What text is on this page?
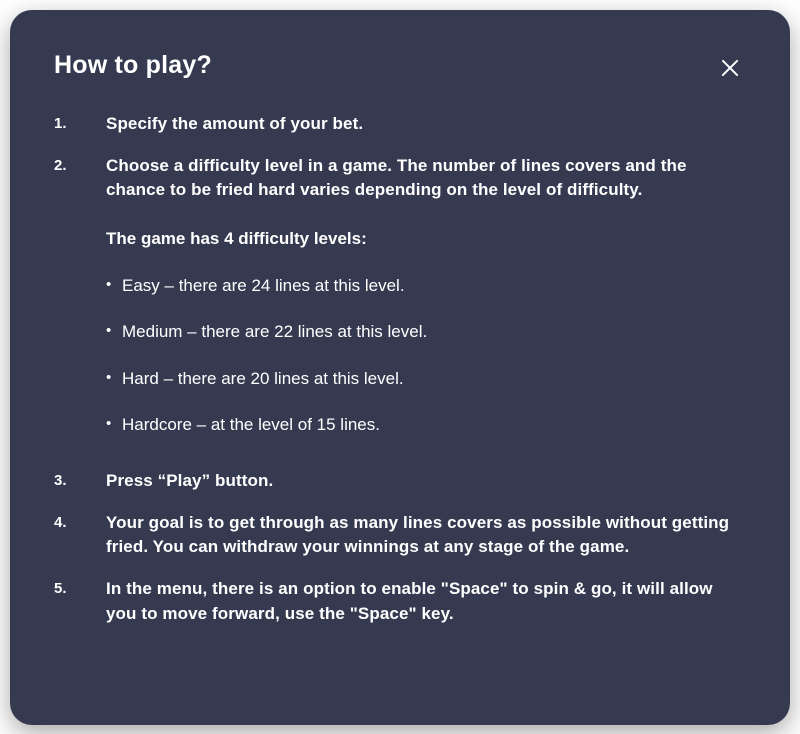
How to play?
1.	Specify the amount of your bet.
2.	Choose a difficulty level in a game. The number of lines covers and the chance to be fried hard varies depending on the level of difficulty.
The game has 4 difficulty levels:
• Easy – there are 24 lines at this level.
• Medium – there are 22 lines at this level.
• Hard – there are 20 lines at this level.
• Hardcore – at the level of 15 lines.
3.	Press “Play” button.
4.	Your goal is to get through as many lines covers as possible without getting fried. You can withdraw your winnings at any stage of the game.
5.	In the menu, there is an option to enable "Space" to spin & go, it will allow you to move forward, use the "Space" key.
